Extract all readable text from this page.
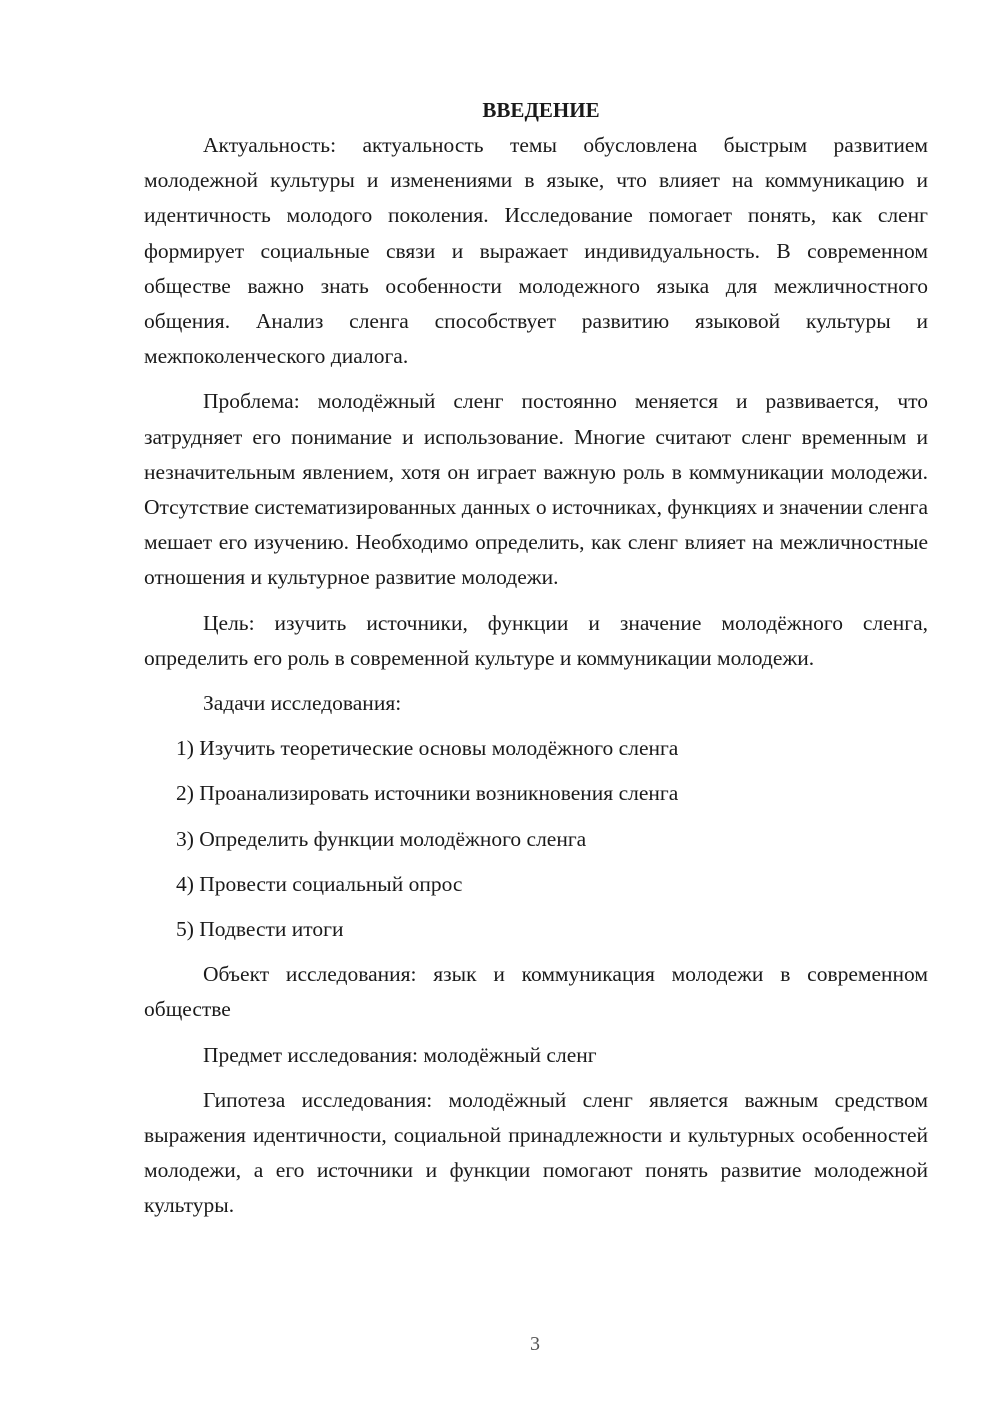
ВВЕДЕНИЕ

Актуальность: актуальность темы обусловлена быстрым развитием молодежной культуры и изменениями в языке, что влияет на коммуникацию и идентичность молодого поколения. Исследование помогает понять, как сленг формирует социальные связи и выражает индивидуальность. В современном обществе важно знать особенности молодежного языка для межличностного общения. Анализ сленга способствует развитию языковой культуры и межпоколенческого диалога.

Проблема: молодёжный сленг постоянно меняется и развивается, что затрудняет его понимание и использование. Многие считают сленг временным и незначительным явлением, хотя он играет важную роль в коммуникации молодежи. Отсутствие систематизированных данных о источниках, функциях и значении сленга мешает его изучению. Необходимо определить, как сленг влияет на межличностные отношения и культурное развитие молодежи.

Цель: изучить источники, функции и значение молодёжного сленга, определить его роль в современной культуре и коммуникации молодежи.

Задачи исследования:

1) Изучить теоретические основы молодёжного сленга

2) Проанализировать источники возникновения сленга

3) Определить функции молодёжного сленга

4) Провести социальный опрос

5) Подвести итоги

Объект исследования: язык и коммуникация молодежи в современном обществе

Предмет исследования: молодёжный сленг

Гипотеза исследования: молодёжный сленг является важным средством выражения идентичности, социальной принадлежности и культурных особенностей молодежи, а его источники и функции помогают понять развитие молодежной культуры.

3
